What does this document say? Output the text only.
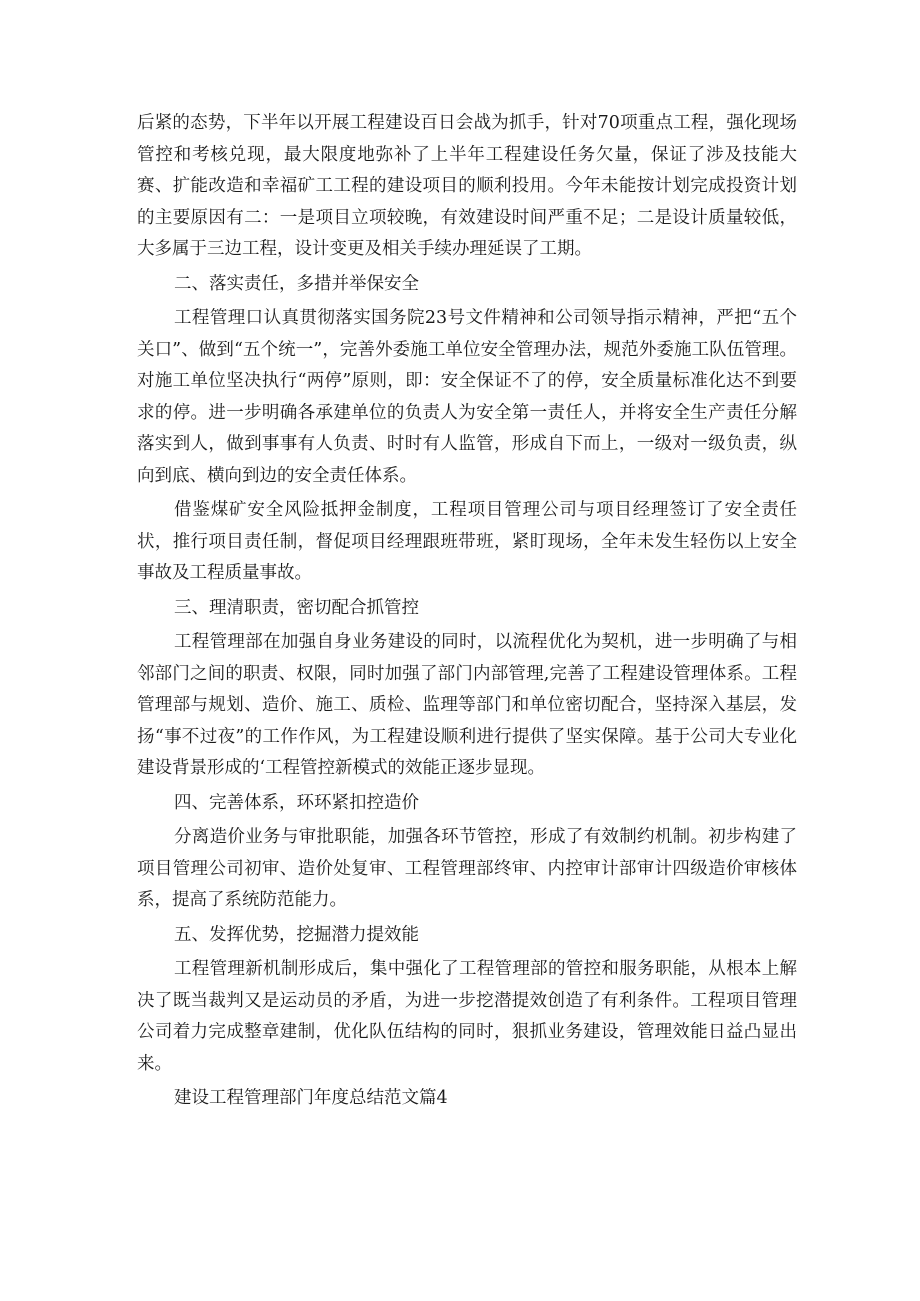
后紧的态势，下半年以开展工程建设百日会战为抓手，针对70项重点工程，强化现场管控和考核兑现，最大限度地弥补了上半年工程建设任务欠量，保证了涉及技能大赛、扩能改造和幸福矿工工程的建设项目的顺利投用。今年未能按计划完成投资计划的主要原因有二：一是项目立项较晚，有效建设时间严重不足；二是设计质量较低，大多属于三边工程，设计变更及相关手续办理延误了工期。

二、落实责任，多措并举保安全

工程管理口认真贯彻落实国务院23号文件精神和公司领导指示精神，严把“五个关口”、做到“五个统一”，完善外委施工单位安全管理办法，规范外委施工队伍管理。对施工单位坚决执行“两停”原则，即：安全保证不了的停，安全质量标准化达不到要求的停。进一步明确各承建单位的负责人为安全第一责任人，并将安全生产责任分解落实到人，做到事事有人负责、时时有人监管，形成自下而上，一级对一级负责，纵向到底、横向到边的安全责任体系。

借鉴煤矿安全风险抵押金制度，工程项目管理公司与项目经理签订了安全责任状，推行项目责任制，督促项目经理跟班带班，紧盯现场，全年未发生轻伤以上安全事故及工程质量事故。

三、理清职责，密切配合抓管控

工程管理部在加强自身业务建设的同时，以流程优化为契机，进一步明确了与相邻部门之间的职责、权限，同时加强了部门内部管理,完善了工程建设管理体系。工程管理部与规划、造价、施工、质检、监理等部门和单位密切配合，坚持深入基层，发扬“事不过夜”的工作作风，为工程建设顺利进行提供了坚实保障。基于公司大专业化建设背景形成的‘工程管控新模式的效能正逐步显现。

四、完善体系，环环紧扣控造价

分离造价业务与审批职能，加强各环节管控，形成了有效制约机制。初步构建了项目管理公司初审、造价处复审、工程管理部终审、内控审计部审计四级造价审核体系，提高了系统防范能力。

五、发挥优势，挖掘潜力提效能

工程管理新机制形成后，集中强化了工程管理部的管控和服务职能，从根本上解决了既当裁判又是运动员的矛盾，为进一步挖潜提效创造了有利条件。工程项目管理公司着力完成整章建制，优化队伍结构的同时，狠抓业务建设，管理效能日益凸显出来。

建设工程管理部门年度总结范文篇4
